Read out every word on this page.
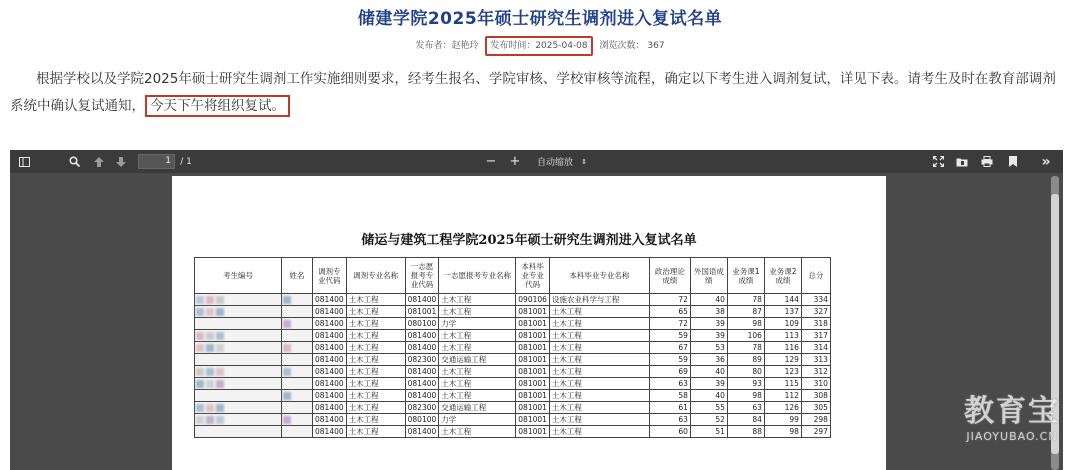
储建学院2025年硕士研究生调剂进入复试名单
发布者：赵艳玲 发布时间：2025-04-08 浏览次数： 367
根据学校以及学院2025年硕士研究生调剂工作实施细则要求，经考生报名、学院审核、学校审核等流程，确定以下考生进入调剂复试，详见下表。请考生及时在教育部调剂系统中确认复试通知， 今天下午将组织复试。
1	/ 1	− + 自动缩放 ⇕	»
储运与建筑工程学院2025年硕士研究生调剂进入复试名单
考生编号	姓名	调剂专业代码	调剂专业名称	一志愿报考专业代码	一志愿报考专业名称	本科毕业专业代码	本科毕业专业名称	政治理论成绩	外国语成绩	业务课1成绩	业务课2成绩	总分
		081400	土木工程	081400	土木工程	090106	设施农业科学与工程	72	40	78	144	334
		081400	土木工程	081001	土木工程	081001	土木工程	65	38	87	137	327
		081400	土木工程	080100	力学	081001	土木工程	72	39	98	109	318
		081400	土木工程	081400	土木工程	081001	土木工程	59	39	106	113	317
		081400	土木工程	081400	土木工程	081001	土木工程	67	53	78	116	314
		081400	土木工程	082300	交通运输工程	081001	土木工程	59	36	89	129	313
		081400	土木工程	081400	土木工程	081001	土木工程	69	40	80	123	312
		081400	土木工程	081400	土木工程	081001	土木工程	63	39	93	115	310
		081400	土木工程	081400	土木工程	081001	土木工程	58	40	98	112	308
		081400	土木工程	082300	交通运输工程	081001	土木工程	61	55	63	126	305
		081400	土木工程	080100	力学	081001	土木工程	63	52	84	99	298
		081400	土木工程	081400	土木工程	081001	土木工程	60	51	88	98	297
教育宝
JIAOYUBAO.CN
